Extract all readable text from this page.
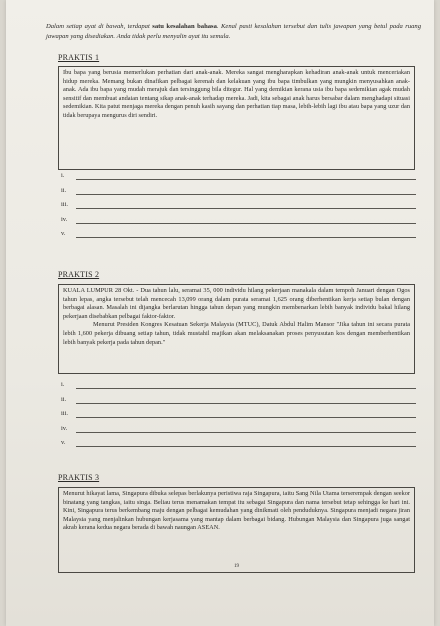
Dalam setiap ayat di bawah, terdapat satu kesalahan bahasa. Kenal pasti kesalahan tersebut dan tulis jawapan yang betul pada ruang jawapan yang disediakan. Anda tidak perlu menyalin ayat itu semula.
PRAKTIS 1

Ibu bapa yang berusia memerlukan perhatian dari anak-anak. Mereka sangat mengharapkan kehadiran anak-anak untuk menceriakan hidup mereka. Memang bukan dinafikan pelbagai kerenah dan kelakuan yang ibu bapa timbulkan yang mungkin menyusahkan anak-anak. Ada ibu bapa yang mudah merajuk dan tersinggung bila ditegur. Hal yang demikian kerana usia ibu bapa sedemikian agak mudah sensitif dan membuat andaian tentang sikap anak-anak terhadap mereka. Jadi, kita sebagai anak harus bersabar dalam menghadapi situasi sedemikian. Kita patut menjaga mereka dengan penuh kasih sayang dan perhatian tiap masa, lebih-lebih lagi ibu atau bapa yang uzur dan tidak berupaya mengurus diri sendiri.

i.
ii.
iii.
iv.
v.
PRAKTIS 2

KUALA LUMPUR 28 Okt. - Dua tahun lalu, seramai 35, 000 individu hilang pekerjaan manakala dalam tempoh Januari dengan Ogos tahun lepas, angka tersebut telah mencecah 13,099 orang dalam purata seramai 1,625 orang diberhentikan kerja setiap bulan dengan berbagai alasan. Masalah ini dijangka berlarutan hingga tahun depan yang mungkin membenarkan lebih banyak individu bakal hilang pekerjaan disebabkan pelbagai faktor-faktor.

Menurut Presiden Kongres Kesatuan Sekerja Malaysia (MTUC), Datuk Abdul Halim Mansor "Jika tahun ini secara purata lebih 1,600 pekerja dibuang setiap tahun, tidak mustahil majikan akan melaksanakan proses penyusutan kos dengan memberhentikan lebih banyak pekerja pada tahun depan."

i.
ii.
iii.
iv.
v.
PRAKTIS 3

Menurut hikayat lama, Singapura dibuka selepas berlakunya peristiwa raja Singapura, iaitu Sang Nila Utama terserempak dengan seekor binatang yang tangkas, iaitu singa. Beliau terus menamakan tempat itu sebagai Singapura dan nama tersebut tetap sehingga ke hari ini. Kini, Singapura terus berkembang maju dengan pelbagai kemudahan yang dinikmati oleh penduduknya. Singapura menjadi negara jiran Malaysia yang menjalinkan hubungan kerjasama yang mantap dalam berbagai bidang. Hubungan Malaysia dan Singapura juga sangat akrab kerana kedua negara berada di bawah naungan ASEAN.

19
